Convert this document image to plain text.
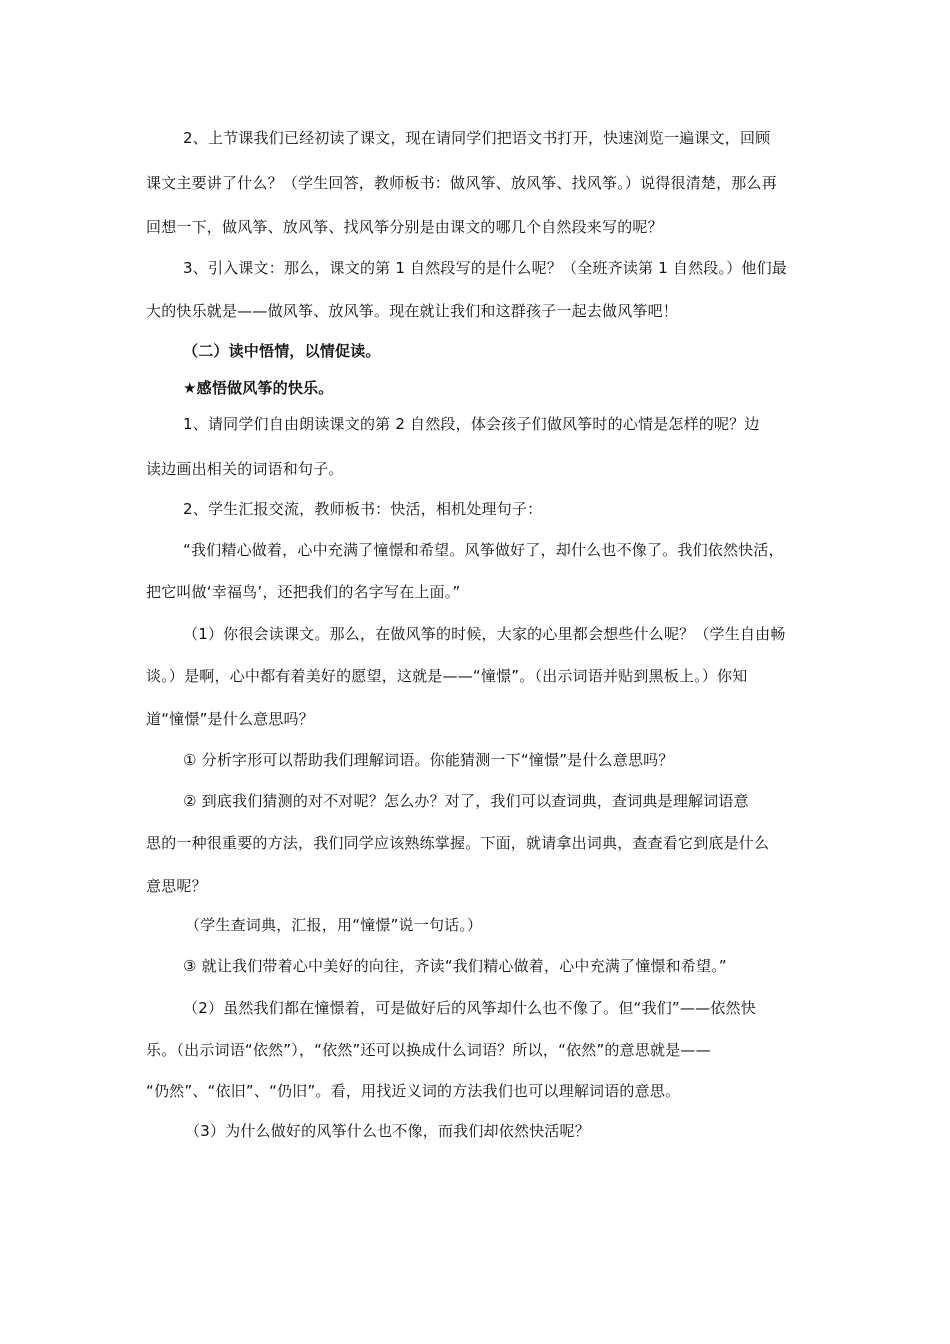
2、上节课我们已经初读了课文，现在请同学们把语文书打开，快速浏览一遍课文，回顾
课文主要讲了什么？（学生回答，教师板书：做风筝、放风筝、找风筝。）说得很清楚，那么再
回想一下，做风筝、放风筝、找风筝分别是由课文的哪几个自然段来写的呢？
3、引入课文：那么，课文的第 1 自然段写的是什么呢？（全班齐读第 1 自然段。）他们最
大的快乐就是——做风筝、放风筝。现在就让我们和这群孩子一起去做风筝吧！
（二）读中悟情，以情促读。
★感悟做风筝的快乐。
1、请同学们自由朗读课文的第 2 自然段，体会孩子们做风筝时的心情是怎样的呢？边
读边画出相关的词语和句子。
2、学生汇报交流，教师板书：快活，相机处理句子：
“我们精心做着，心中充满了憧憬和希望。风筝做好了，却什么也不像了。我们依然快活，
把它叫做‘幸福鸟’，还把我们的名字写在上面。”
（1）你很会读课文。那么，在做风筝的时候，大家的心里都会想些什么呢？（学生自由畅
谈。）是啊，心中都有着美好的愿望，这就是——“憧憬”。（出示词语并贴到黑板上。）你知
道“憧憬”是什么意思吗？
① 分析字形可以帮助我们理解词语。你能猜测一下“憧憬”是什么意思吗？
② 到底我们猜测的对不对呢？怎么办？对了，我们可以查词典，查词典是理解词语意
思的一种很重要的方法，我们同学应该熟练掌握。下面，就请拿出词典，查查看它到底是什么
意思呢？
（学生查词典，汇报，用“憧憬”说一句话。）
③ 就让我们带着心中美好的向往，齐读“我们精心做着，心中充满了憧憬和希望。”
（2）虽然我们都在憧憬着，可是做好后的风筝却什么也不像了。但“我们”——依然快
乐。（出示词语“依然”），“依然”还可以换成什么词语？所以，“依然”的意思就是——
“仍然”、“依旧”、“仍旧”。看，用找近义词的方法我们也可以理解词语的意思。
（3）为什么做好的风筝什么也不像，而我们却依然快活呢？
